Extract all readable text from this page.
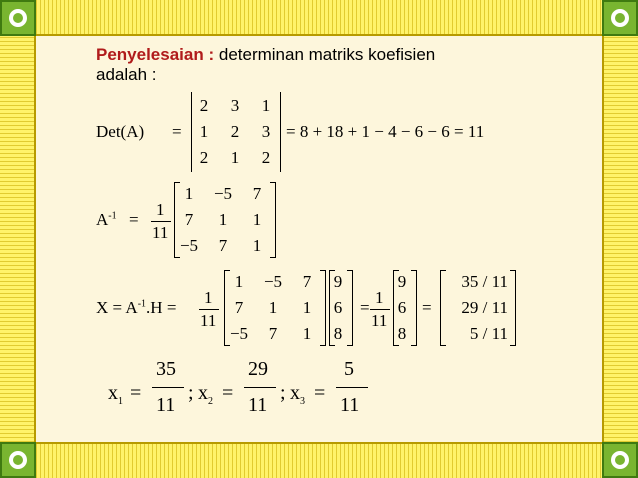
Penyelesaian : determinan matriks koefisien
adalah :
Det(A) =
2	3	1
1	2	3
2	1	2
= 8 + 18 + 1 − 4 − 6 − 6 = 11
$A^{-1}$ =
1
11
1	−5	7
7	1	1
−5	7	1
$X = A^{-1}.H$ =
1
11
1	−5	7
7	1	1
−5	7	1
9
6
8
=
1
11
9
6
8
=
35 / 11
29 / 11
5 / 11
$x_1$ =
35
11
; $x_2$ =
29
11
; $x_3$ =
5
11
